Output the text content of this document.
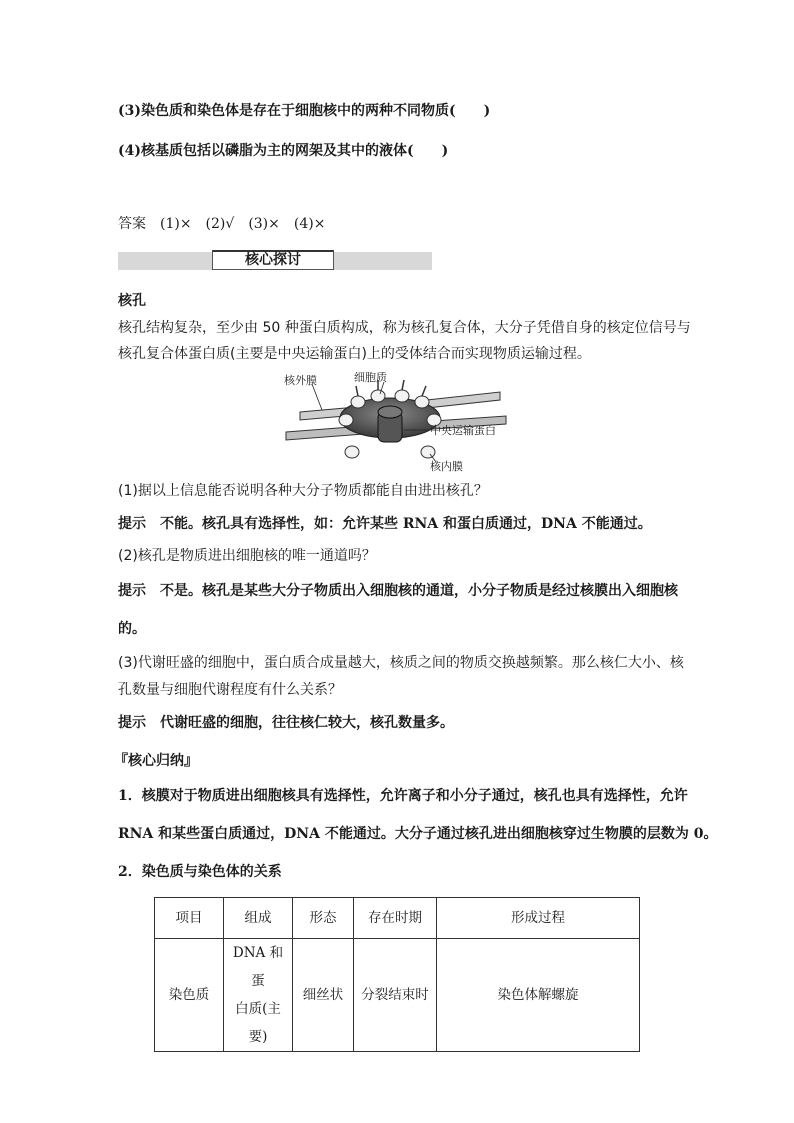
(3)染色质和染色体是存在于细胞核中的两种不同物质(　　)
(4)核基质包括以磷脂为主的网架及其中的液体(　　)
答案　(1)×　(2)√　(3)×　(4)×
核心探讨
核孔
核孔结构复杂，至少由 50 种蛋白质构成，称为核孔复合体，大分子凭借自身的核定位信号与
核孔复合体蛋白质(主要是中央运输蛋白)上的受体结合而实现物质运输过程。
核外膜	细胞质
中央运输蛋白
核内膜
(1)据以上信息能否说明各种大分子物质都能自由进出核孔？
提示　不能。核孔具有选择性，如：允许某些 RNA 和蛋白质通过，DNA 不能通过。
(2)核孔是物质进出细胞核的唯一通道吗？
提示　不是。核孔是某些大分子物质出入细胞核的通道，小分子物质是经过核膜出入细胞核
的。
(3)代谢旺盛的细胞中，蛋白质合成量越大，核质之间的物质交换越频繁。那么核仁大小、核
孔数量与细胞代谢程度有什么关系？
提示　代谢旺盛的细胞，往往核仁较大，核孔数量多。
『核心归纳』
1．核膜对于物质进出细胞核具有选择性，允许离子和小分子通过，核孔也具有选择性，允许
RNA 和某些蛋白质通过，DNA 不能通过。大分子通过核孔进出细胞核穿过生物膜的层数为 0。
2．染色质与染色体的关系
项目	组成	形态	存在时期	形成过程
染色质	DNA 和蛋
白质(主要)	细丝状	分裂结束时	染色体解螺旋
